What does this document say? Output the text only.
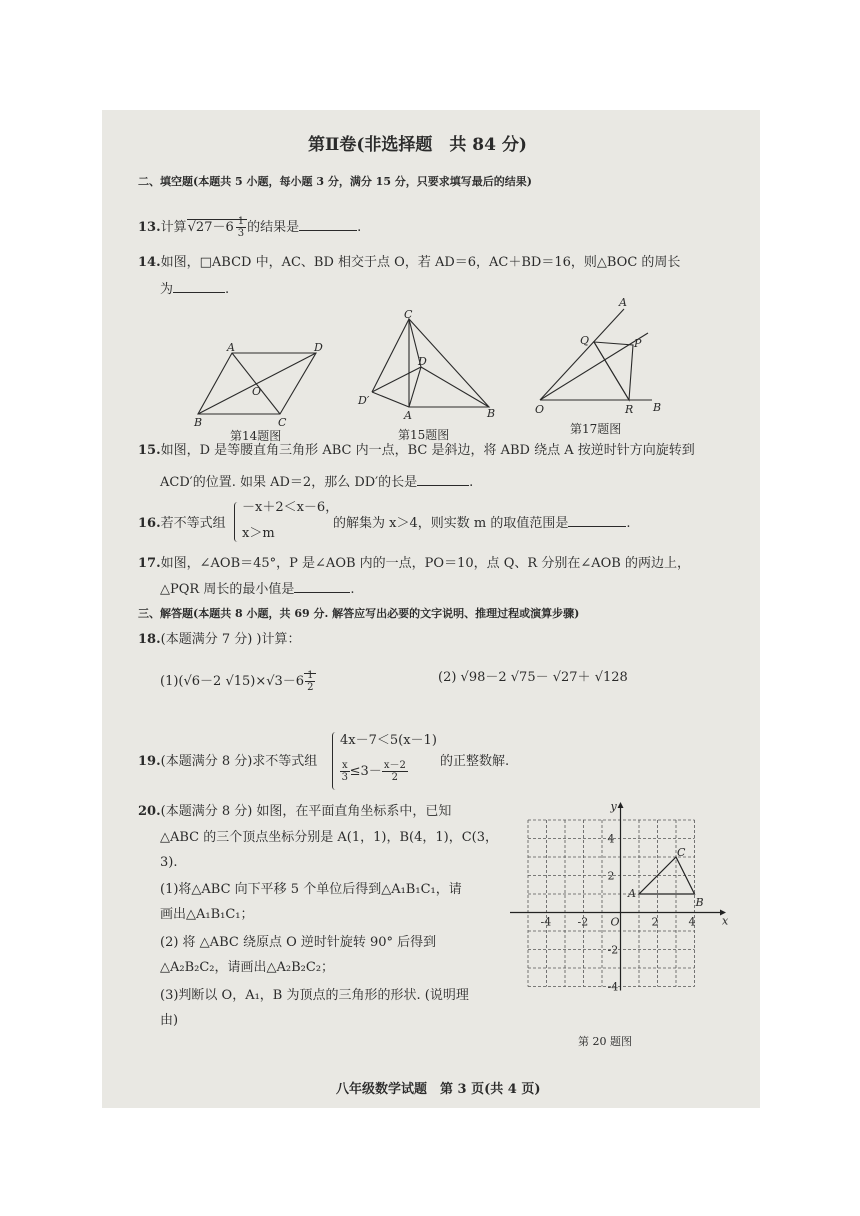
第Ⅱ卷(非选择题　共 84 分)
二、填空题(本题共 5 小题，每小题 3 分，满分 15 分，只要求填写最后的结果)
13.计算$√27-6 \frac{1}{3}$ 的结果是	.
14.如图，□ABCD 中，AC、BD 相交于点 O，若 AD＝6，AC＋BD＝16，则△BOC 的周长
为	.
A	D
B	C
O
第14题图
C
D
D′
A	B
第15题图
A
Q	P
O	R B
第17题图
15.如图，D 是等腰直角三角形 ABC 内一点，BC 是斜边，将 ABD 绕点 A 按逆时针方向旋转到
ACD′的位置. 如果 AD＝2，那么 DD′的长是	.
16.若不等式组
－x＋2＜x－6，
x＞m
的解集为 x＞4，则实数 m 的取值范围是	.
17.如图，∠AOB＝45°，P 是∠AOB 内的一点，PO＝10，点 Q、R 分别在∠AOB 的两边上，
△PQR 周长的最小值是	.
三、解答题(本题共 8 小题，共 69 分. 解答应写出必要的文字说明、推理过程或演算步骤)
18.(本题满分 7 分) )计算：
(1)(√6－2 $√15)\times√3-6 \frac{1}{2}$	(2) √98－2 √75－ √27＋ √128
19.(本题满分 8 分)求不等式组
4x－7＜5(x－1)
$\frac{x}{3} \le 3- \frac{x-2}{2}$ 的正整数解.
20.(本题满分 8 分) 如图，在平面直角坐标系中，已知
△ABC 的三个顶点坐标分别是 A(1，1)，B(4，1)，C(3，
3).
(1)将△ABC 向下平移 5 个单位后得到△A₁B₁C₁，请
画出△A₁B₁C₁；
(2) 将 △ABC 绕原点 O 逆时针旋转 90° 后得到
△A₂B₂C₂，请画出△A₂B₂C₂；
(3)判断以 O，A₁，B 为顶点的三角形的形状. (说明理
由)
x
y
O
-4 -2	2	4
4
2
-2
-4
A
B
C
第 20 题图
八年级数学试题　第 3 页(共 4 页)
